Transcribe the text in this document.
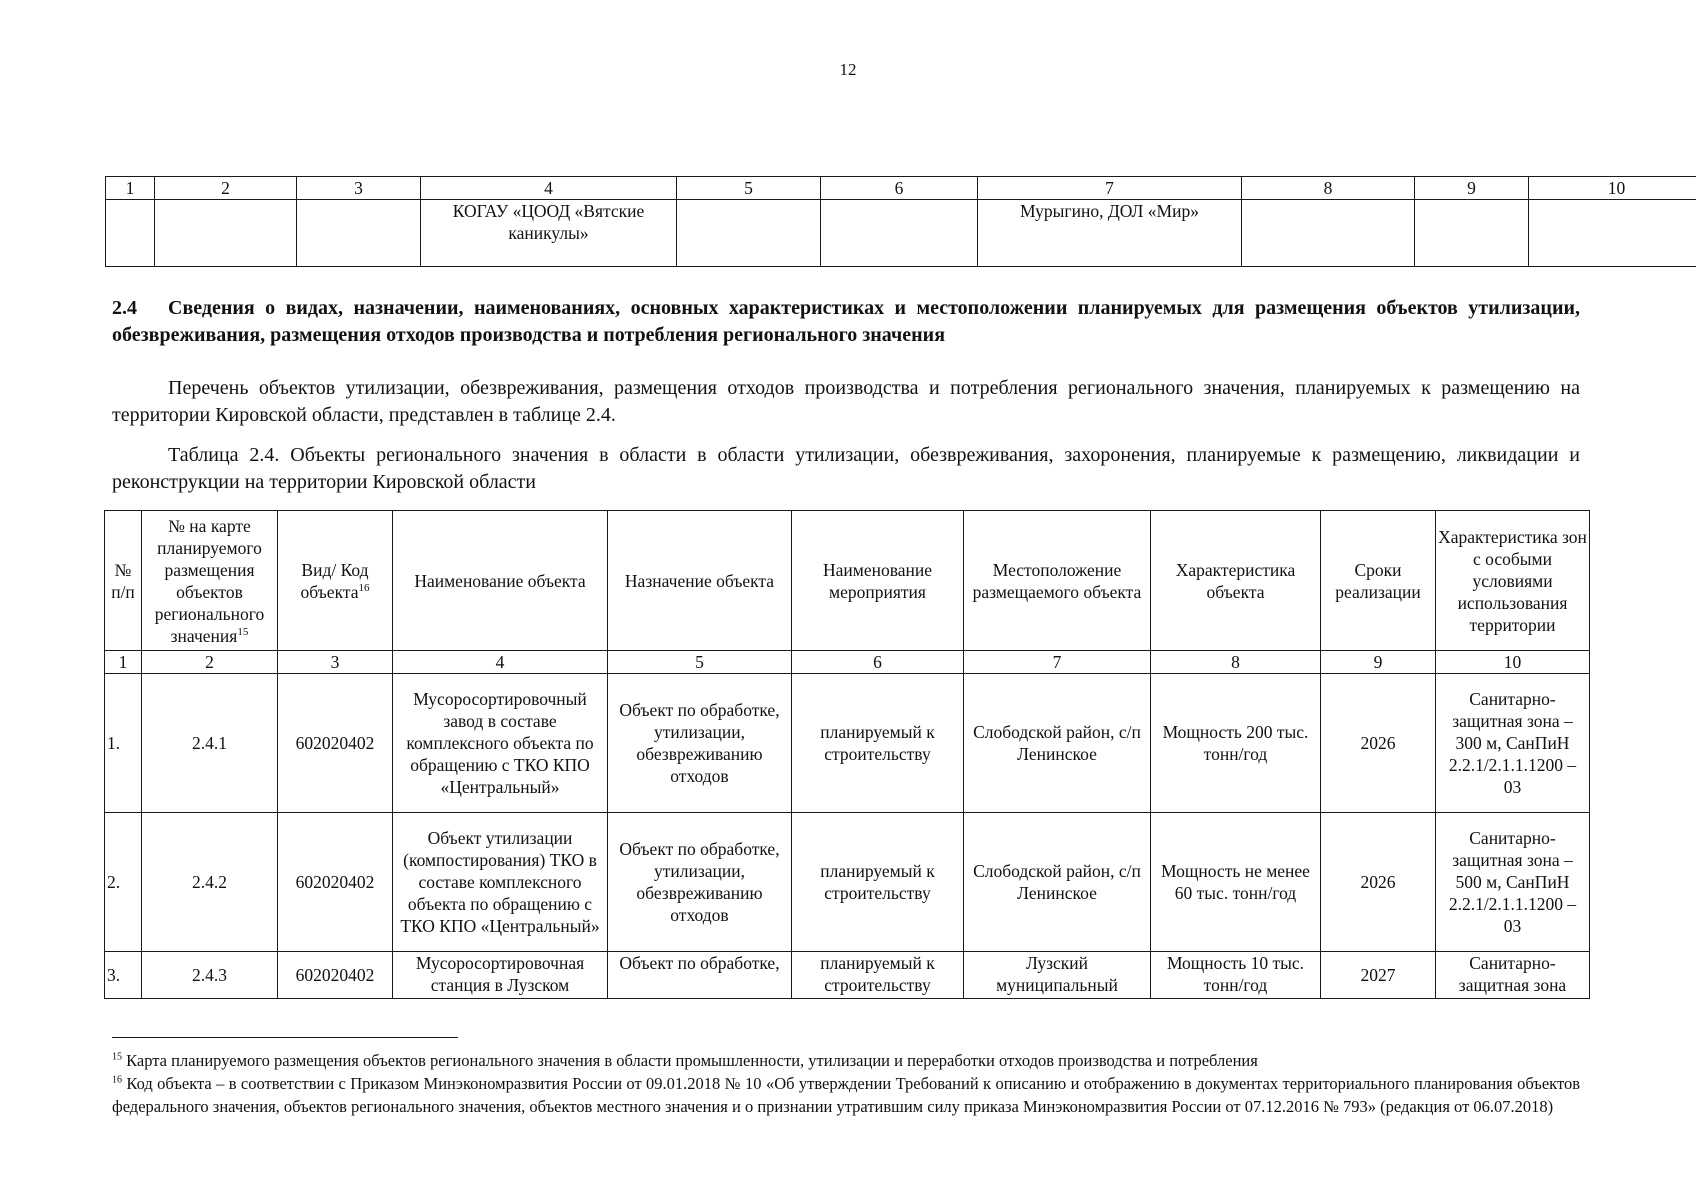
12
1	2	3	4	5	6	7	8	9	10
			КОГАУ «ЦООД «Вятские каникулы»			Мурыгино, ДОЛ «Мир»			
2.4 Сведения о видах, назначении, наименованиях, основных характеристиках и местоположении планируемых для размещения объектов утилизации, обезвреживания, размещения отходов производства и потребления регионального значения
Перечень объектов утилизации, обезвреживания, размещения отходов производства и потребления регионального значения, планируемых к размещению на территории Кировской области, представлен в таблице 2.4.
Таблица 2.4. Объекты регионального значения в области в области утилизации, обезвреживания, захоронения, планируемые к размещению, ликвидации и реконструкции на территории Кировской области
№ п/п	№ на карте планируемого размещения объектов регионального значения$^{15}$	Вид/ Код объекта$^{16}$	Наименование объекта	Назначение объекта	Наименование мероприятия	Местоположение размещаемого объекта	Характеристика объекта	Сроки реализации	Характеристика зон с особыми условиями использования территории
1	2	3	4	5	6	7	8	9	10
1.	2.4.1	602020402	Мусоросортировочный завод в составе комплексного объекта по обращению с ТКО КПО «Центральный»	Объект по обработке, утилизации, обезвреживанию отходов	планируемый к строительству	Слободской район, с/п Ленинское	Мощность 200 тыс. тонн/год	2026	Санитарно-защитная зона – 300 м, СанПиН 2.2.1/2.1.1.1200 – 03
2.	2.4.2	602020402	Объект утилизации (компостирования) ТКО в составе комплексного объекта по обращению с ТКО КПО «Центральный»	Объект по обработке, утилизации, обезвреживанию отходов	планируемый к строительству	Слободской район, с/п Ленинское	Мощность не менее 60 тыс. тонн/год	2026	Санитарно-защитная зона – 500 м, СанПиН 2.2.1/2.1.1.1200 – 03
3.	2.4.3	602020402	Мусоросортировочная станция в Лузском	Объект по обработке,	планируемый к строительству	Лузский муниципальный	Мощность 10 тыс. тонн/год	2027	Санитарно-защитная зона

$^{15}$ Карта планируемого размещения объектов регионального значения в области промышленности, утилизации и переработки отходов производства и потребления

$^{16}$ Код объекта – в соответствии с Приказом Минэкономразвития России от 09.01.2018 № 10 «Об утверждении Требований к описанию и отображению в документах территориального планирования объектов федерального значения, объектов регионального значения, объектов местного значения и о признании утратившим силу приказа Минэкономразвития России от 07.12.2016 № 793» (редакция от 06.07.2018)
